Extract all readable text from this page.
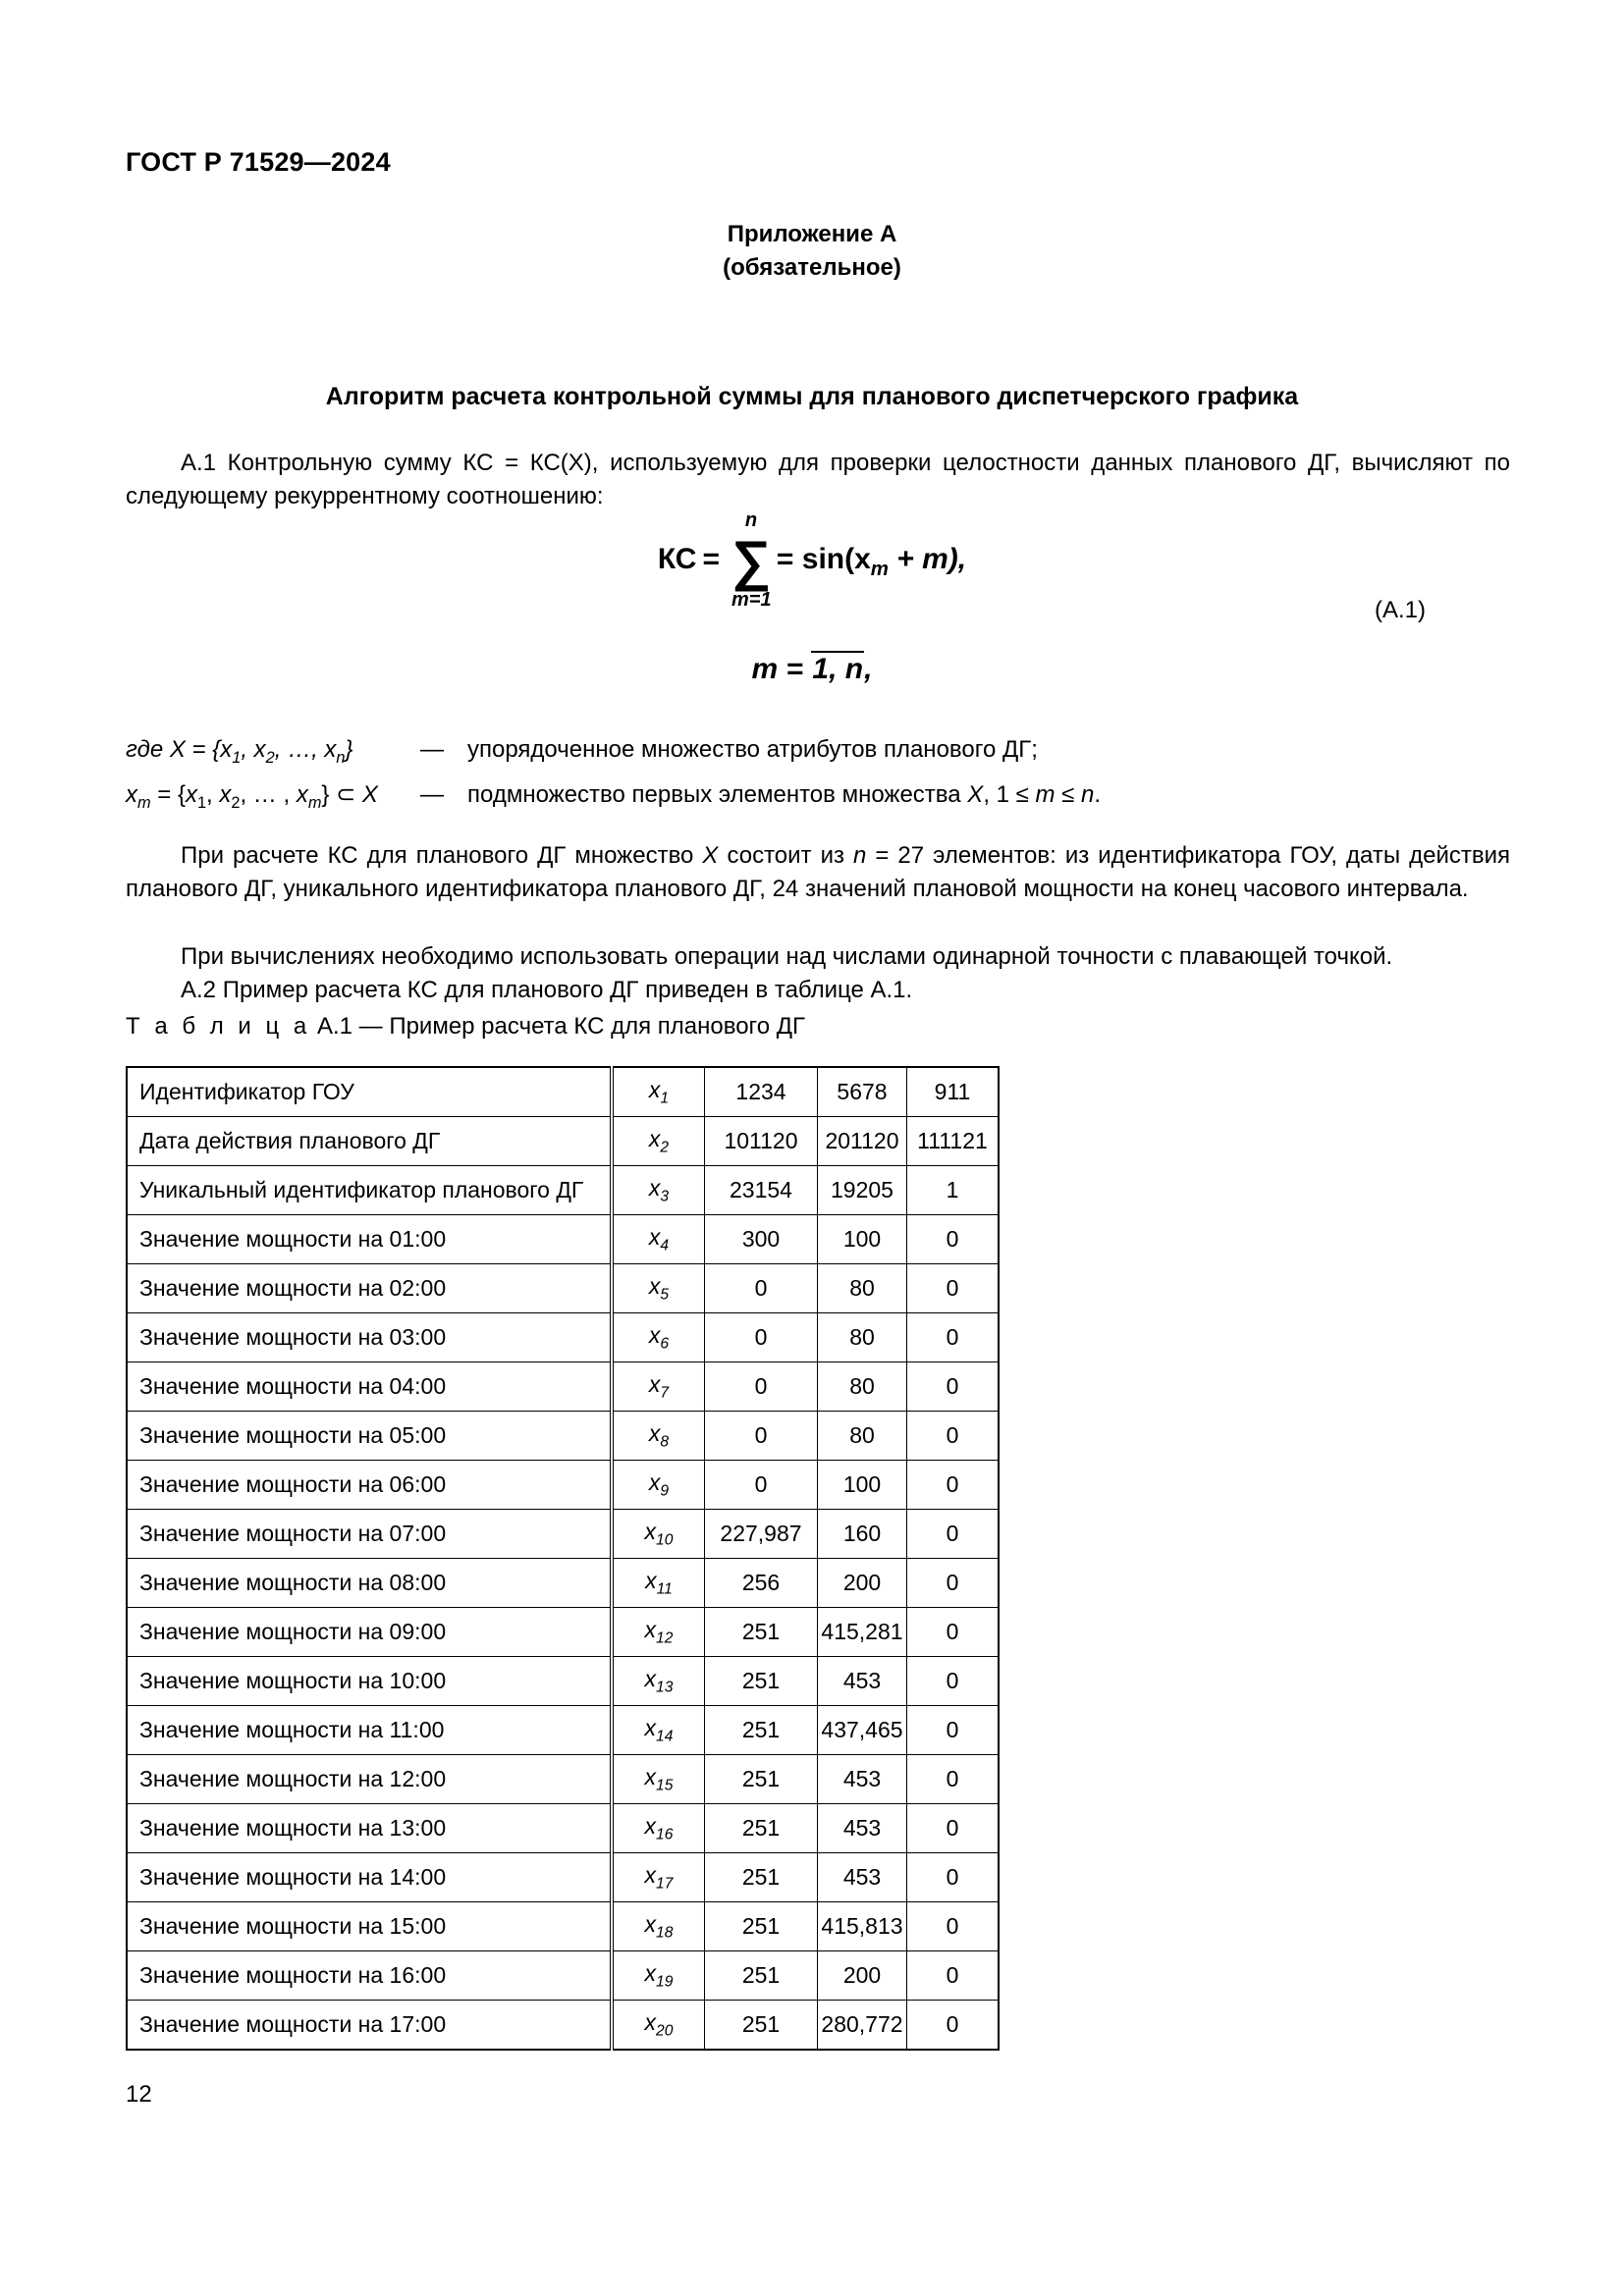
ГОСТ Р 71529—2024
Приложение А
(обязательное)
Алгоритм расчета контрольной суммы для планового диспетчерского графика
А.1 Контрольную сумму КС = КС(X), используемую для проверки целостности данных планового ДГ, вычисляют по следующему рекуррентному соотношению:
КС =
n
∑
m=1
= $\sin(x_m + m)$,
m = 1, n,
(A.1)
где $X = \{x_1$, $x_2$, …, $x_n$}	—	упорядоченное множество атрибутов планового ДГ;
$x_m = \{x_1$, $x_2$, … , $x_m$} ⊂ X	—	подмножество первых элементов множества X, 1 ≤ m ≤ n.
При расчете КС для планового ДГ множество X состоит из n = 27 элементов: из идентификатора ГОУ, даты действия планового ДГ, уникального идентификатора планового ДГ, 24 значений плановой мощности на конец часового интервала.
При вычислениях необходимо использовать операции над числами одинарной точности с плавающей точкой.
А.2 Пример расчета КС для планового ДГ приведен в таблице А.1.
Т а б л и ц а А.1 — Пример расчета КС для планового ДГ
Идентификатор ГОУ	$x_1$	1234	5678	911
Дата действия планового ДГ	$x_2$	101120	201120	111121
Уникальный идентификатор планового ДГ	$x_3$	23154	19205	1
Значение мощности на 01:00	$x_4$	300	100	0
Значение мощности на 02:00	$x_5$	0	80	0
Значение мощности на 03:00	$x_6$	0	80	0
Значение мощности на 04:00	$x_7$	0	80	0
Значение мощности на 05:00	$x_8$	0	80	0
Значение мощности на 06:00	$x_9$	0	100	0
Значение мощности на 07:00	$x_{10}$	227,987	160	0
Значение мощности на 08:00	$x_{11}$	256	200	0
Значение мощности на 09:00	$x_{12}$	251	415,281	0
Значение мощности на 10:00	$x_{13}$	251	453	0
Значение мощности на 11:00	$x_{14}$	251	437,465	0
Значение мощности на 12:00	$x_{15}$	251	453	0
Значение мощности на 13:00	$x_{16}$	251	453	0
Значение мощности на 14:00	$x_{17}$	251	453	0
Значение мощности на 15:00	$x_{18}$	251	415,813	0
Значение мощности на 16:00	$x_{19}$	251	200	0
Значение мощности на 17:00	$x_{20}$	251	280,772	0
12
